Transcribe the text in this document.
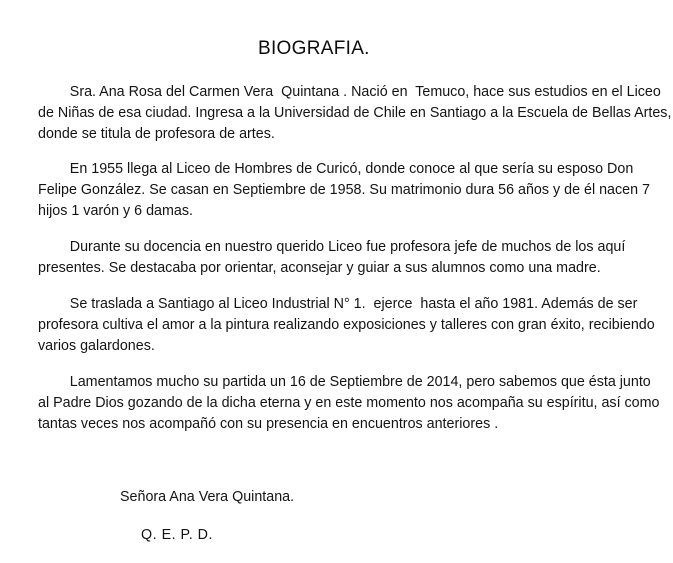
BIOGRAFIA.

Sra. Ana Rosa del Carmen Vera  Quintana . Nació en  Temuco, hace sus estudios en el Liceo
de Niñas de esa ciudad. Ingresa a la Universidad de Chile en Santiago a la Escuela de Bellas Artes,
donde se titula de profesora de artes.

En 1955 llega al Liceo de Hombres de Curicó, donde conoce al que sería su esposo Don
Felipe González. Se casan en Septiembre de 1958. Su matrimonio dura 56 años y de él nacen 7
hijos 1 varón y 6 damas.

Durante su docencia en nuestro querido Liceo fue profesora jefe de muchos de los aquí
presentes. Se destacaba por orientar, aconsejar y guiar a sus alumnos como una madre.

Se traslada a Santiago al Liceo Industrial N° 1.  ejerce  hasta el año 1981. Además de ser
profesora cultiva el amor a la pintura realizando exposiciones y talleres con gran éxito, recibiendo
varios galardones.

Lamentamos mucho su partida un 16 de Septiembre de 2014, pero sabemos que ésta junto
al Padre Dios gozando de la dicha eterna y en este momento nos acompaña su espíritu, así como
tantas veces nos acompañó con su presencia en encuentros anteriores .

Señora Ana Vera Quintana.

Q. E. P. D.
